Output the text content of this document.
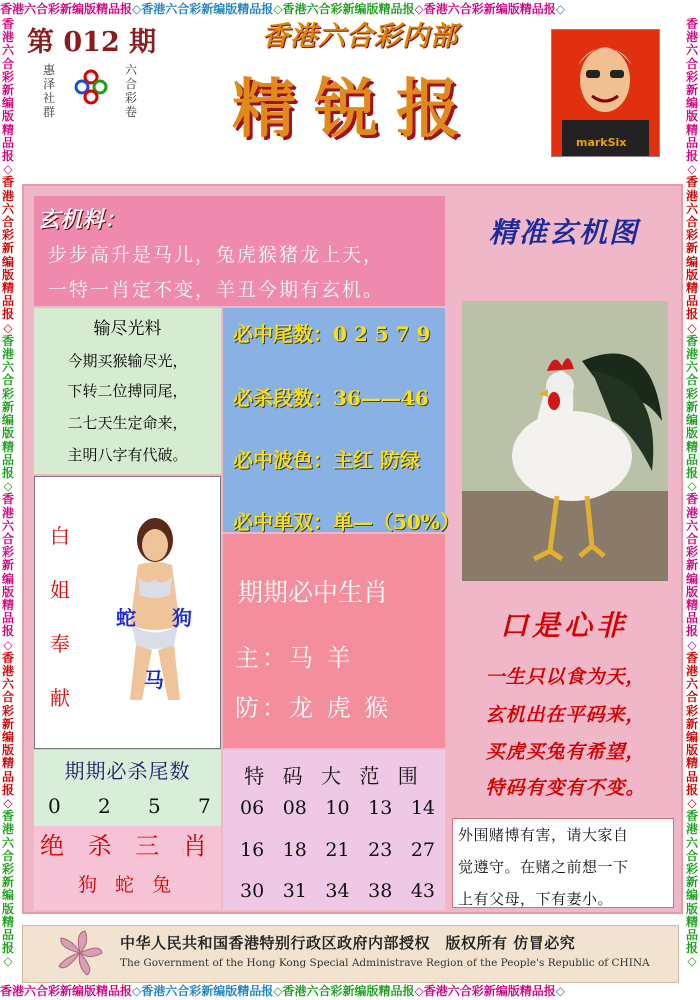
香港六合彩新编版精品报◇香港六合彩新编版精品报◇香港六合彩新编版精品报◇香港六合彩新编版精品报◇
香港六合彩新编版精品报◇香港六合彩新编版精品报◇香港六合彩新编版精品报◇香港六合彩新编版精品报◇
香
港
六
合
彩
新
编
版
精
品
报
◇
香
港
六
合
彩
新
编
版
精
品
报
◇
香
港
六
合
彩
新
编
版
精
品
报
◇
香
港
六
合
彩
新
编
版
精
品
报
◇
香
港
六
合
彩
新
编
版
精
品
报
◇
香
港
六
合
彩
新
编
版
精
品
报
◇

香
港
六
合
彩
新
编
版
精
品
报
◇
香
港
六
合
彩
新
编
版
精
品
报
◇
香
港
六
合
彩
新
编
版
精
品
报
◇
香
港
六
合
彩
新
编
版
精
品
报
◇
香
港
六
合
彩
新
编
版
精
品
报
◇
香
港
六
合
彩
新
编
版
精
品
报
◇

第 012 期
惠泽社群
六合彩卷
香港六合彩内部
精锐报	markSix
玄机料：
步步高升是马儿，兔虎猴猪龙上天，
一特一肖定不变，羊丑今期有玄机。
输尽光料
今期买猴输尽光，
下转二位搏同尾，
二七天生定命来，
主明八字有代破。
必中尾数：0 2 5 7 9
必杀段数：36——46
必中波色：主红 防绿
必中单双：单—（50%）
白
姐
奉
献
蛇 狗
马
期期必中生肖
主：马 羊
防：龙 虎 猴
期期必杀尾数
0 2 5 7
绝 杀 三 肖
狗 蛇 兔
特 码 大 范 围
06 08 10 13 14
16 18 21 23 27
30 31 34 38 43
精准玄机图
口是心非
一生只以食为天，
玄机出在平码来，
买虎买兔有希望，
特码有变有不变。
外围赌博有害，请大家自
觉遵守。在赌之前想一下
上有父母，下有妻小。
中华人民共和国香港特别行政区政府内部授权　版权所有 仿冒必究
The Government of the Hong Kong Special Administrave Region of the People's Republic of CHINA
